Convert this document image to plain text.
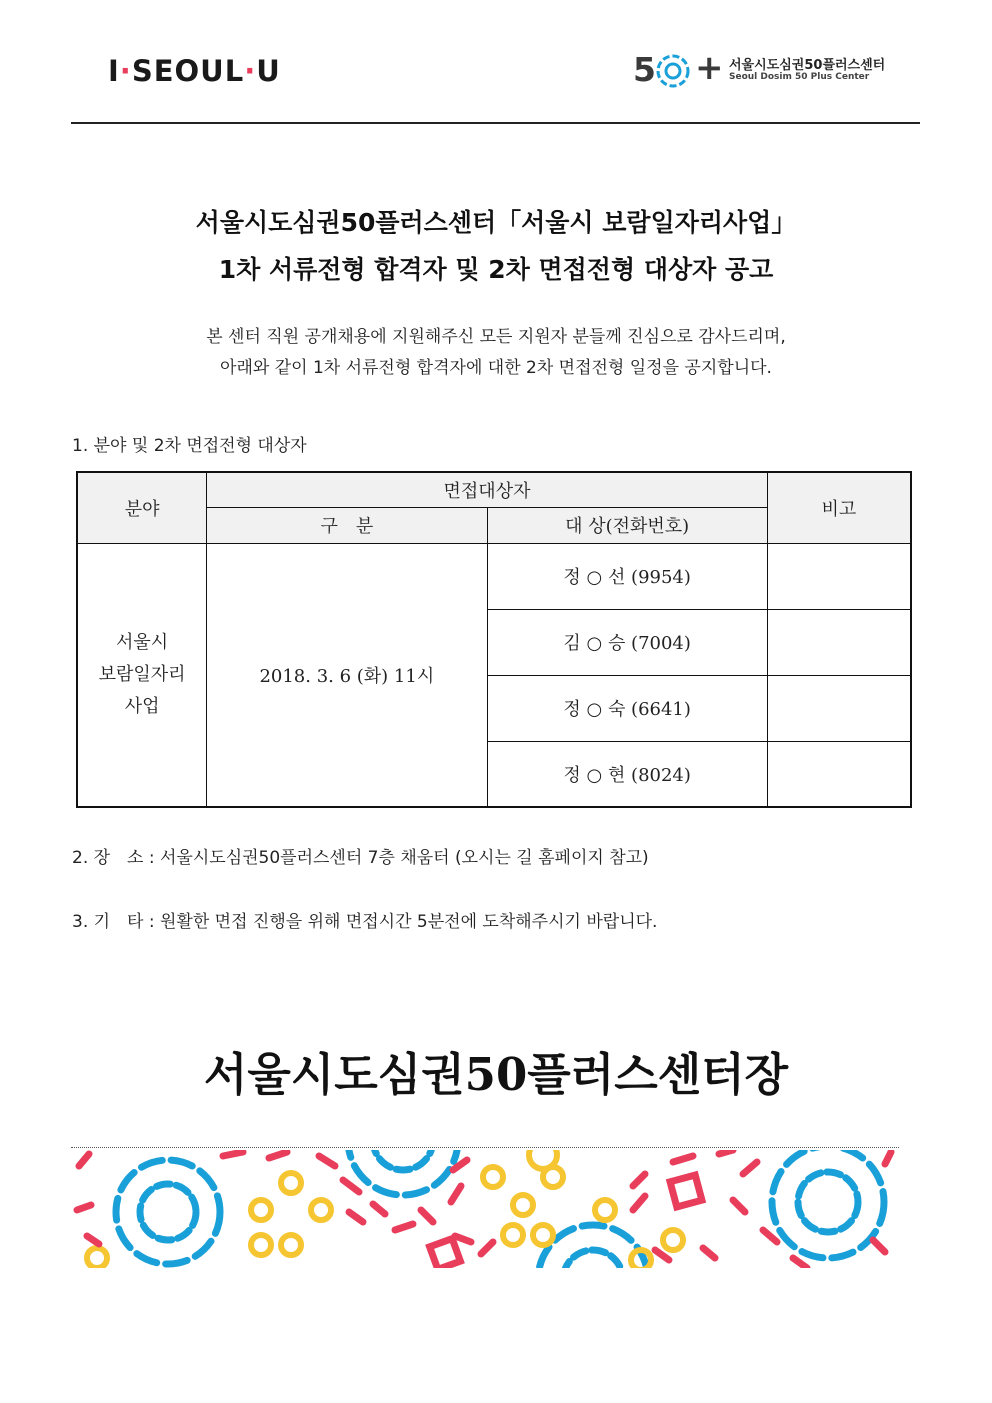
I·SEOUL·U	5 + 서울시도심권50플러스센터
Seoul Dosim 50 Plus Center
서울시도심권50플러스센터「서울시 보람일자리사업」
1차 서류전형 합격자 및 2차 면접전형 대상자 공고
본 센터 직원 공개채용에 지원해주신 모든 지원자 분들께 진심으로 감사드리며,
아래와 같이 1차 서류전형 합격자에 대한 2차 면접전형 일정을 공지합니다.
1. 분야 및 2차 면접전형 대상자
분야	면접대상자		비고
	구　분	대 상(전화번호)	

서울시
보람일자리
사업	2018. 3. 6 (화) 11시	정 ○ 선 (9954)	
		김 ○ 승 (7004)	
		정 ○ 숙 (6641)	
		정 ○ 현 (8024)	
2. 장　소 : 서울시도심권50플러스센터 7층 채움터 (오시는 길 홈페이지 참고)
3. 기　타 : 원활한 면접 진행을 위해 면접시간 5분전에 도착해주시기 바랍니다.
서울시도심권50플러스센터장
